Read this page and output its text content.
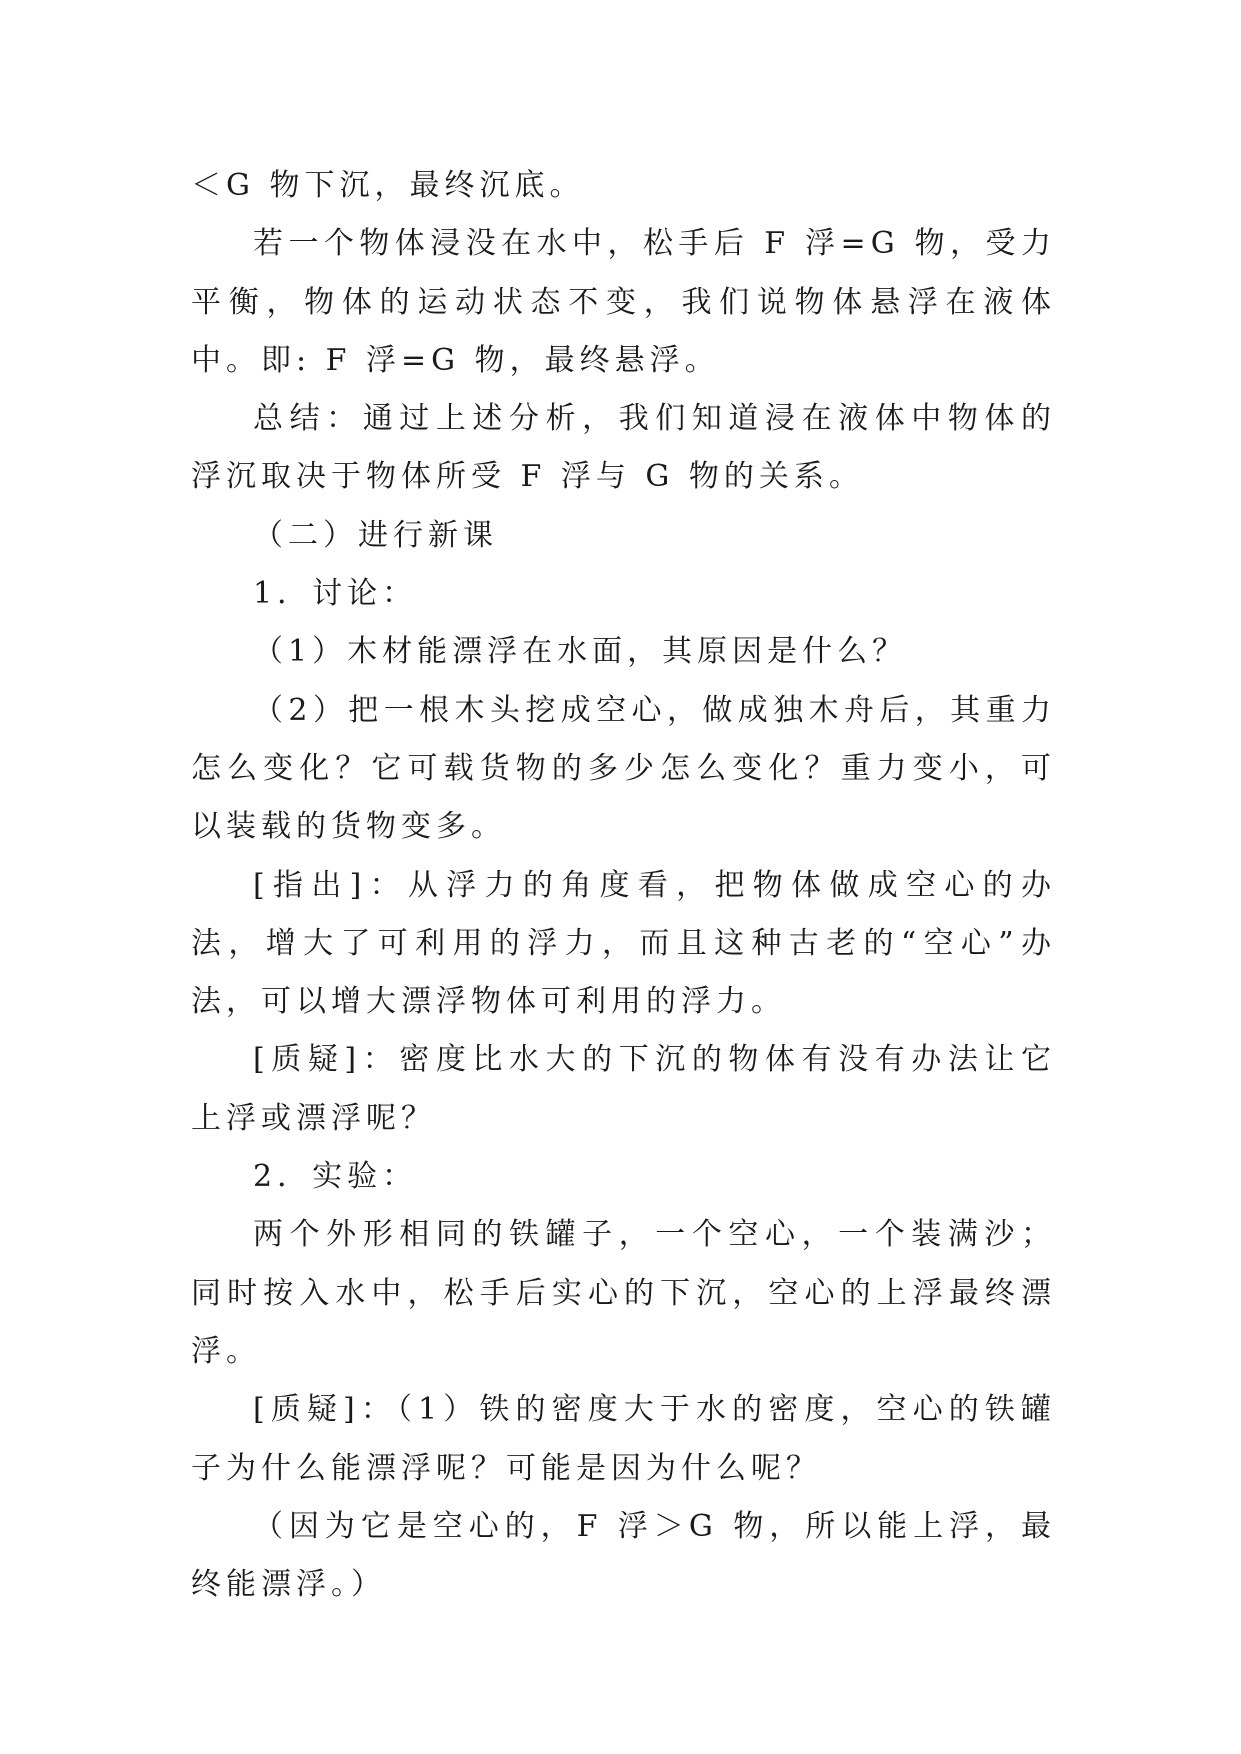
＜G 物下沉，最终沉底。

若一个物体浸没在水中，松手后 F 浮=G 物，受力平衡，物体的运动状态不变，我们说物体悬浮在液体中。即: F 浮=G 物，最终悬浮。

总结：通过上述分析，我们知道浸在液体中物体的浮沉取决于物体所受 F 浮与 G 物的关系。

（二）进行新课

1．讨论：

（1）木材能漂浮在水面，其原因是什么？

（2）把一根木头挖成空心，做成独木舟后，其重力怎么变化？它可载货物的多少怎么变化？重力变小，可以装载的货物变多。

[指出]：从浮力的角度看，把物体做成空心的办法，增大了可利用的浮力，而且这种古老的“空心”办法，可以增大漂浮物体可利用的浮力。

[质疑]：密度比水大的下沉的物体有没有办法让它上浮或漂浮呢？

2．实验：

两个外形相同的铁罐子，一个空心，一个装满沙；同时按入水中，松手后实心的下沉，空心的上浮最终漂浮。

[质疑]：（1）铁的密度大于水的密度，空心的铁罐子为什么能漂浮呢？可能是因为什么呢？

（因为它是空心的，F 浮＞G 物，所以能上浮，最终能漂浮。）
